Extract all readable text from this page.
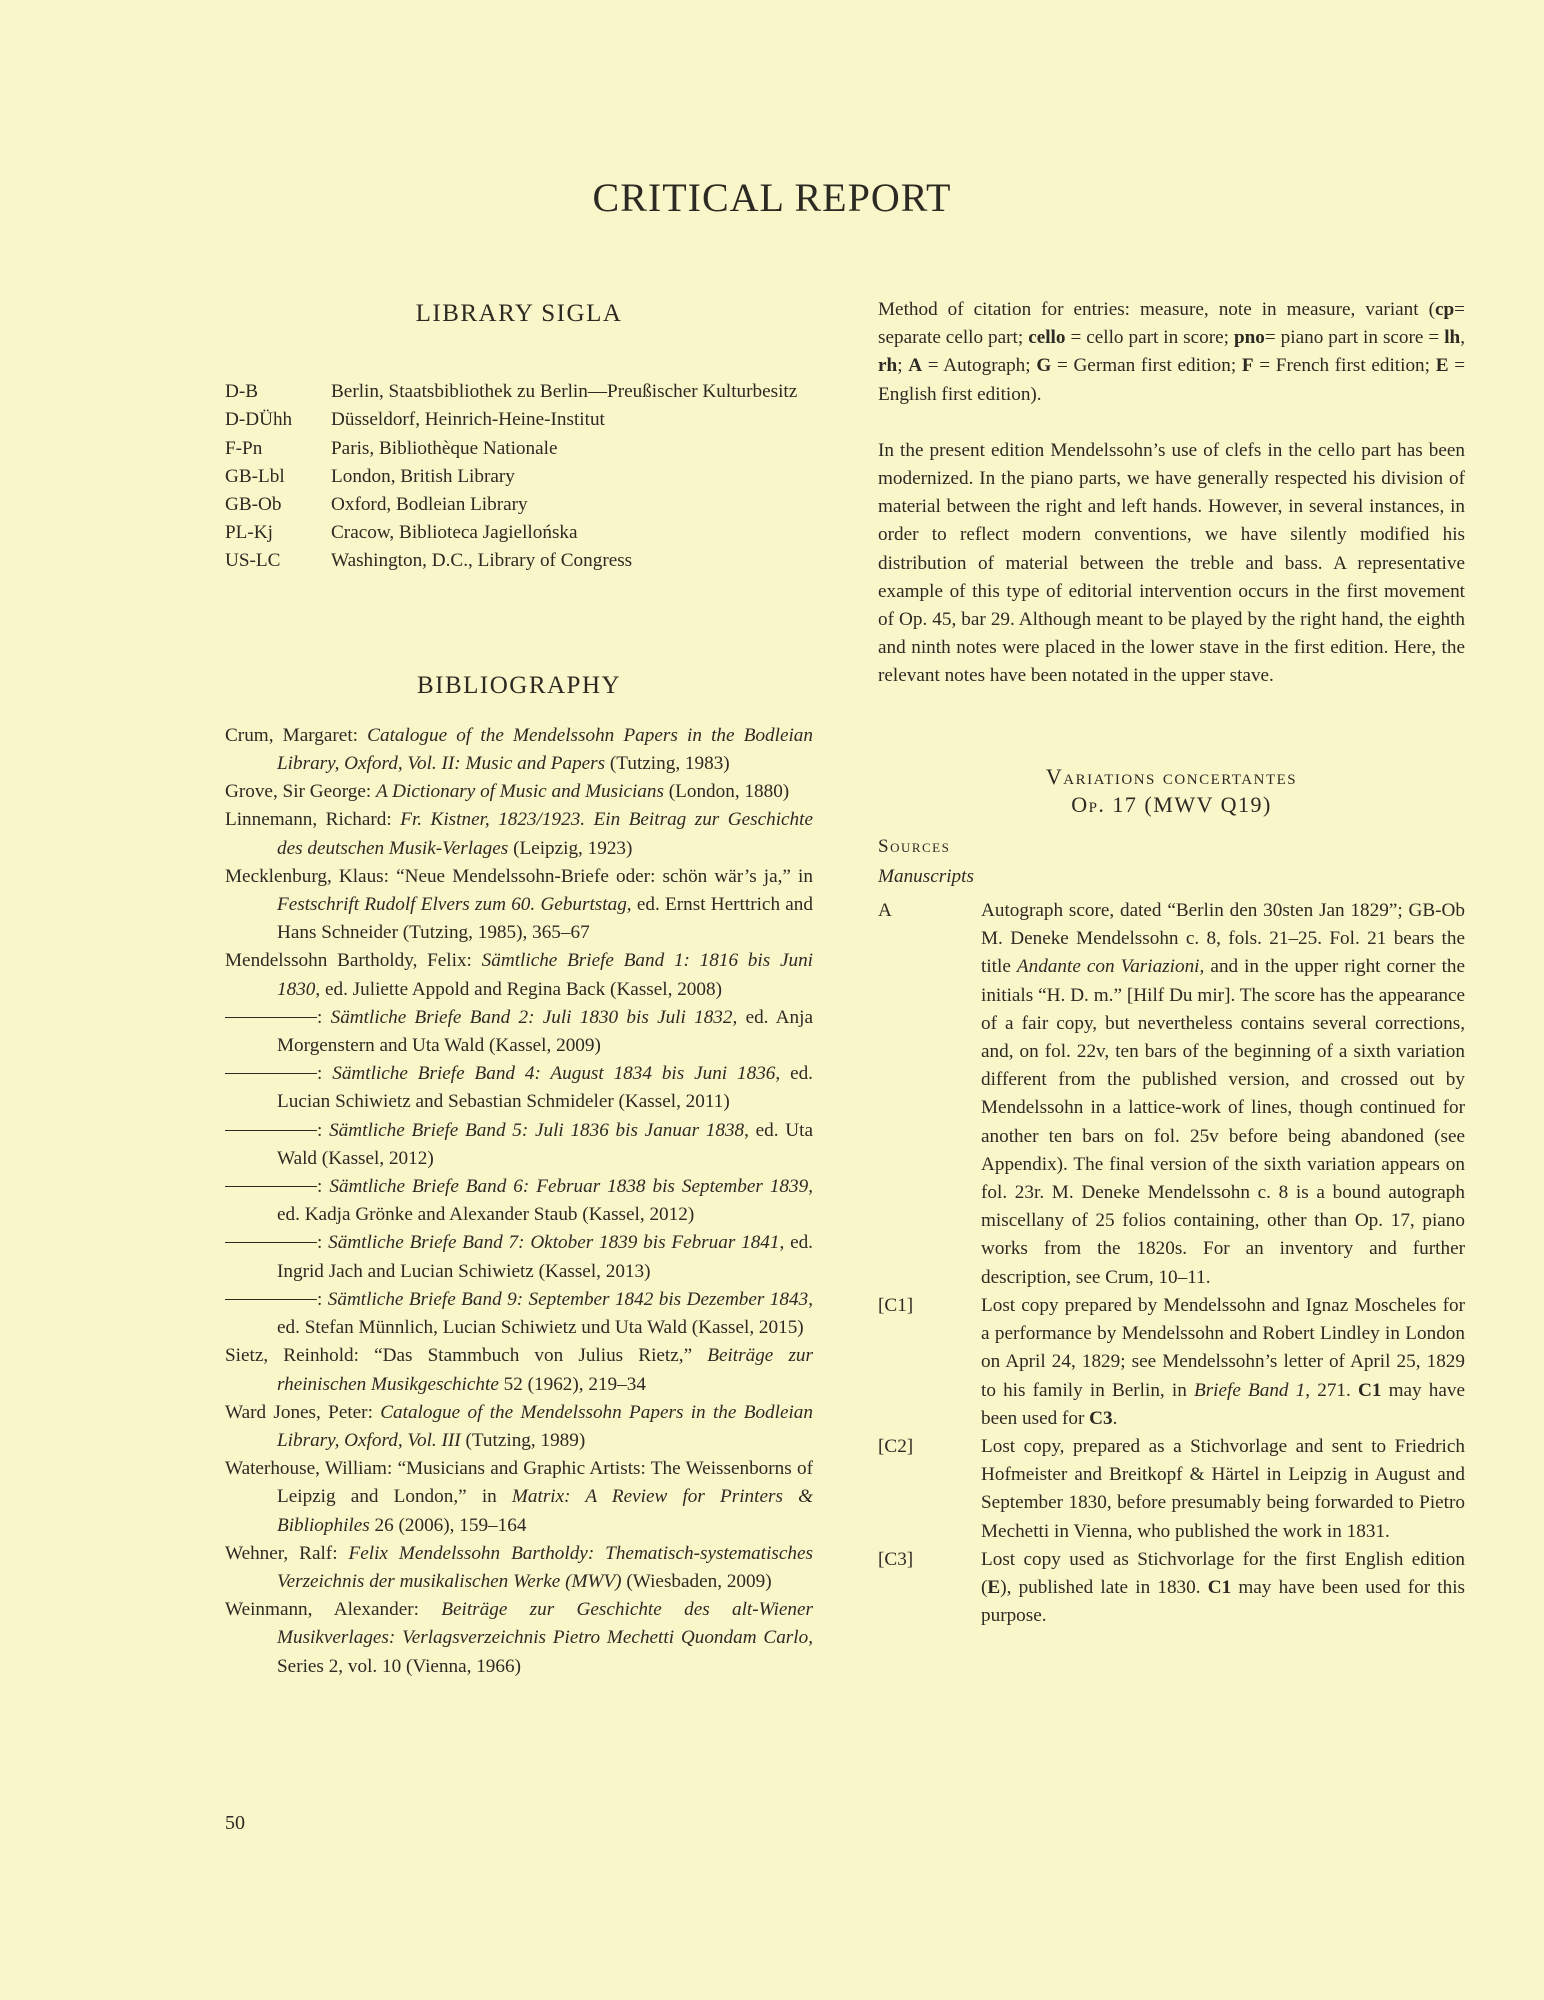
CRITICAL REPORT
LIBRARY SIGLA
D-B	Berlin, Staatsbibliothek zu Berlin—Preußischer Kulturbesitz
D-DÜhh	Düsseldorf, Heinrich-Heine-Institut
F-Pn	Paris, Bibliothèque Nationale
GB-Lbl	London, British Library
GB-Ob	Oxford, Bodleian Library
PL-Kj	Cracow, Biblioteca Jagiellońska
US-LC	Washington, D.C., Library of Congress
BIBLIOGRAPHY
Crum, Margaret: Catalogue of the Mendelssohn Papers in the Bodleian Library, Oxford, Vol. II: Music and Papers (Tutzing, 1983)
Grove, Sir George: A Dictionary of Music and Musicians (London, 1880)
Linnemann, Richard: Fr. Kistner, 1823/1923. Ein Beitrag zur Geschichte des deutschen Musik-Verlages (Leipzig, 1923)
Mecklenburg, Klaus: “Neue Mendelssohn-Briefe oder: schön wär’s ja,” in Festschrift Rudolf Elvers zum 60. Geburtstag, ed. Ernst Herttrich and Hans Schneider (Tutzing, 1985), 365–67
Mendelssohn Bartholdy, Felix: Sämtliche Briefe Band 1: 1816 bis Juni 1830, ed. Juliette Appold and Regina Back (Kassel, 2008)
: Sämtliche Briefe Band 2: Juli 1830 bis Juli 1832, ed. Anja Morgenstern and Uta Wald (Kassel, 2009)
: Sämtliche Briefe Band 4: August 1834 bis Juni 1836, ed. Lucian Schiwietz and Sebastian Schmideler (Kassel, 2011)
: Sämtliche Briefe Band 5: Juli 1836 bis Januar 1838, ed. Uta Wald (Kassel, 2012)
: Sämtliche Briefe Band 6: Februar 1838 bis September 1839, ed. Kadja Grönke and Alexander Staub (Kassel, 2012)
: Sämtliche Briefe Band 7: Oktober 1839 bis Februar 1841, ed. Ingrid Jach and Lucian Schiwietz (Kassel, 2013)
: Sämtliche Briefe Band 9: September 1842 bis Dezember 1843, ed. Stefan Münnlich, Lucian Schiwietz und Uta Wald (Kassel, 2015)
Sietz, Reinhold: “Das Stammbuch von Julius Rietz,” Beiträge zur rheinischen Musikgeschichte 52 (1962), 219–34
Ward Jones, Peter: Catalogue of the Mendelssohn Papers in the Bodleian Library, Oxford, Vol. III (Tutzing, 1989)
Waterhouse, William: “Musicians and Graphic Artists: The Weissenborns of Leipzig and London,” in Matrix: A Review for Printers & Bibliophiles 26 (2006), 159–164
Wehner, Ralf: Felix Mendelssohn Bartholdy: Thematisch-systematisches Verzeichnis der musikalischen Werke (MWV) (Wiesbaden, 2009)
Weinmann, Alexander: Beiträge zur Geschichte des alt-Wiener Musikverlages: Verlagsverzeichnis Pietro Mechetti Quondam Carlo, Series 2, vol. 10 (Vienna, 1966)

Method of citation for entries: measure, note in measure, variant (cp= separate cello part; cello = cello part in score; pno= piano part in score = lh, rh; A = Autograph; G = German first edition; F = French first edition; E = English first edition).

In the present edition Mendelssohn’s use of clefs in the cello part has been modernized. In the piano parts, we have generally respected his division of material between the right and left hands. However, in several instances, in order to reflect modern conventions, we have silently modified his distribution of material between the treble and bass. A representative example of this type of editorial intervention occurs in the first movement of Op. 45, bar 29. Although meant to be played by the right hand, the eighth and ninth notes were placed in the lower stave in the first edition. Here, the relevant notes have been notated in the upper stave.

Variations concertantes
Op. 17 (MWV Q19)
Sources
Manuscripts
A	Autograph score, dated “Berlin den 30sten Jan 1829”; GB-Ob M. Deneke Mendelssohn c. 8, fols. 21–25. Fol. 21 bears the title Andante con Variazioni, and in the upper right corner the initials “H. D. m.” [Hilf Du mir]. The score has the appearance of a fair copy, but nevertheless contains several corrections, and, on fol. 22v, ten bars of the beginning of a sixth variation different from the published version, and crossed out by Mendelssohn in a lattice-work of lines, though continued for another ten bars on fol. 25v before being abandoned (see Appendix). The final version of the sixth variation appears on fol. 23r. M. Deneke Mendelssohn c. 8 is a bound autograph miscellany of 25 folios containing, other than Op. 17, piano works from the 1820s. For an inventory and further description, see Crum, 10–11.
[C1]	Lost copy prepared by Mendelssohn and Ignaz Moscheles for a performance by Mendelssohn and Robert Lindley in London on April 24, 1829; see Mendelssohn’s letter of April 25, 1829 to his family in Berlin, in Briefe Band 1, 271. C1 may have been used for C3.
[C2]	Lost copy, prepared as a Stichvorlage and sent to Friedrich Hofmeister and Breitkopf & Härtel in Leipzig in August and September 1830, before presumably being forwarded to Pietro Mechetti in Vienna, who published the work in 1831.
[C3]	Lost copy used as Stichvorlage for the first English edition (E), published late in 1830. C1 may have been used for this purpose.
50
